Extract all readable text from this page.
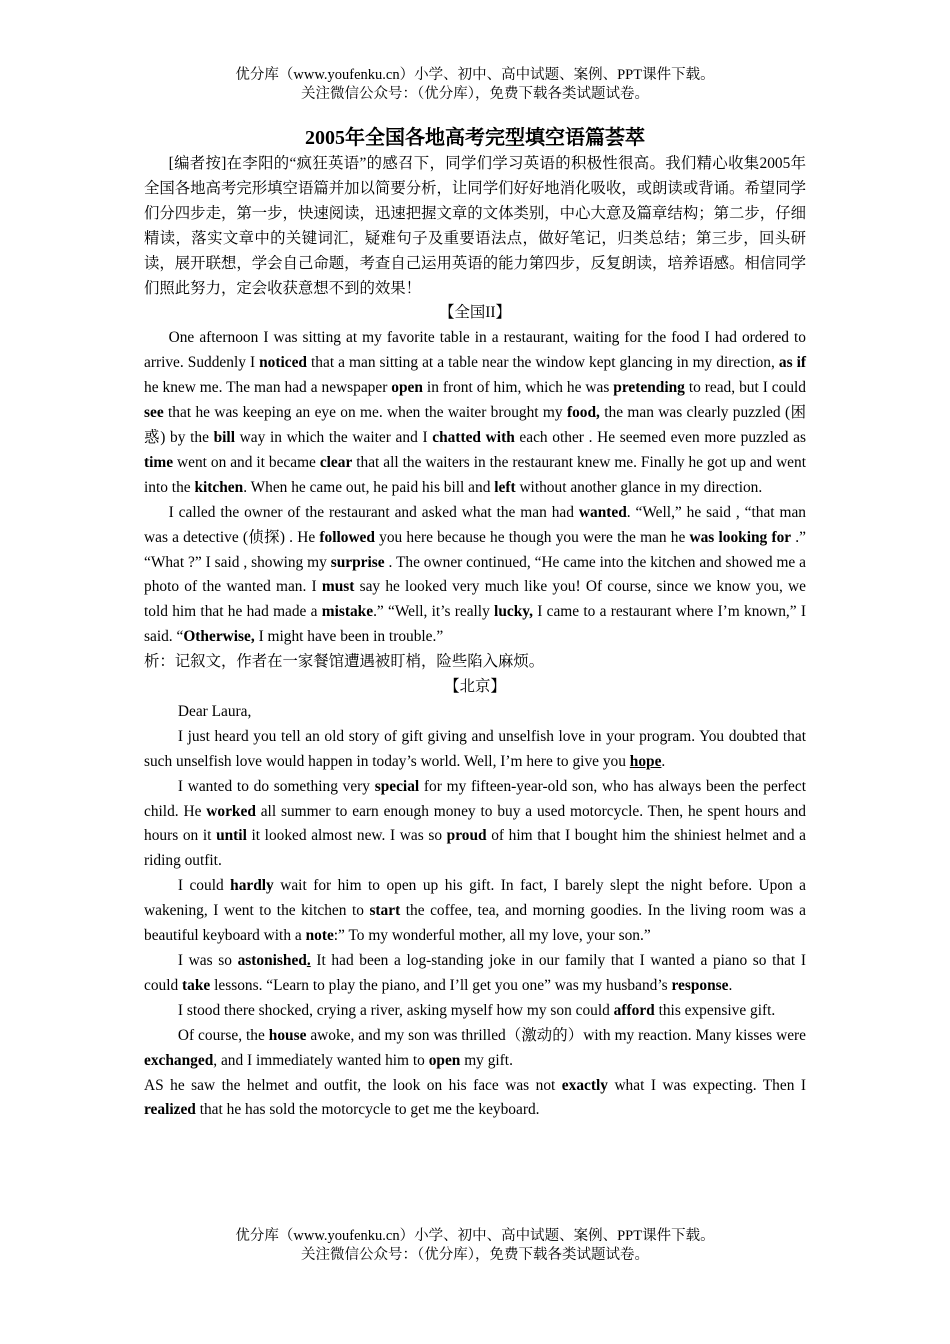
优分库（www.youfenku.cn）小学、初中、高中试题、案例、PPT课件下载。
关注微信公众号：（优分库），免费下载各类试题试卷。
2005年全国各地高考完型填空语篇荟萃

[编者按]在李阳的“疯狂英语”的感召下，同学们学习英语的积极性很高。我们精心收集2005年全国各地高考完形填空语篇并加以简要分析，让同学们好好地消化吸收，或朗读或背诵。希望同学们分四步走，第一步，快速阅读，迅速把握文章的文体类别，中心大意及篇章结构；第二步，仔细精读，落实文章中的关键词汇，疑难句子及重要语法点，做好笔记，归类总结；第三步，回头研读，展开联想，学会自己命题，考查自己运用英语的能力第四步，反复朗读，培养语感。相信同学们照此努力，定会收获意想不到的效果！

【全国II】

One afternoon I was sitting at my favorite table in a restaurant, waiting for the food I had ordered to arrive. Suddenly I noticed that a man sitting at a table near the window kept glancing in my direction, as if he knew me. The man had a newspaper open in front of him, which he was pretending to read, but I could see that he was keeping an eye on me. when the waiter brought my food, the man was clearly puzzled (困惑) by the bill way in which the waiter and I chatted with each other . He seemed even more puzzled as time went on and it became clear that all the waiters in the restaurant knew me. Finally he got up and went into the kitchen. When he came out, he paid his bill and left without another glance in my direction.

I called the owner of the restaurant and asked what the man had wanted. “Well,” he said , “that man was a detective (侦探) . He followed you here because he though you were the man he was looking for .” “What ?” I said , showing my surprise . The owner continued, “He came into the kitchen and showed me a photo of the wanted man. I must say he looked very much like you! Of course, since we know you, we told him that he had made a mistake.” “Well, it’s really lucky, I came to a restaurant where I’m known,” I said. “Otherwise, I might have been in trouble.”

析：记叙文，作者在一家餐馆遭遇被盯梢，险些陷入麻烦。

【北京】

Dear Laura,

I just heard you tell an old story of gift giving and unselfish love in your program. You doubted that such unselfish love would happen in today’s world. Well, I’m here to give you hope.

I wanted to do something very special for my fifteen-year-old son, who has always been the perfect child. He worked all summer to earn enough money to buy a used motorcycle. Then, he spent hours and hours on it until it looked almost new. I was so proud of him that I bought him the shiniest helmet and a riding outfit.

I could hardly wait for him to open up his gift. In fact, I barely slept the night before. Upon a wakening, I went to the kitchen to start the coffee, tea, and morning goodies. In the living room was a beautiful keyboard with a note:” To my wonderful mother, all my love, your son.”

I was so astonished. It had been a log-standing joke in our family that I wanted a piano so that I could take lessons. “Learn to play the piano, and I’ll get you one” was my husband’s response.

I stood there shocked, crying a river, asking myself how my son could afford this expensive gift.

Of course, the house awoke, and my son was thrilled（激动的）with my reaction. Many kisses were exchanged, and I immediately wanted him to open my gift.

AS he saw the helmet and outfit, the look on his face was not exactly what I was expecting. Then I realized that he has sold the motorcycle to get me the keyboard.

优分库（www.youfenku.cn）小学、初中、高中试题、案例、PPT课件下载。
关注微信公众号：（优分库），免费下载各类试题试卷。
